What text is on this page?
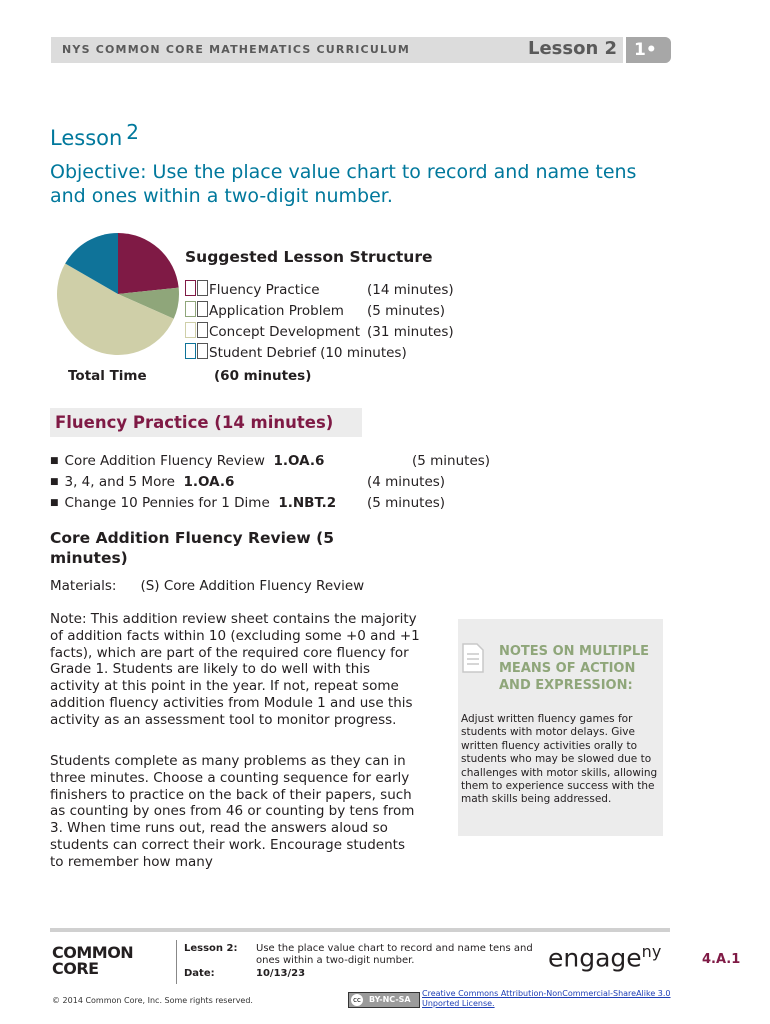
NYS COMMON CORE MATHEMATICS CURRICULUM	Lesson 2 1•
Lesson 2
Objective: Use the place value chart to record and name tens and ones within a two-digit number.
Suggested Lesson Structure
Fluency Practice	(14 minutes)
Application Problem (5 minutes)
Concept Development (31 minutes)
Student Debrief (10 minutes)
Total Time	(60 minutes)
Fluency Practice (14 minutes)
■ Core Addition Fluency Review 1.OA.6	(5 minutes)
■ 3, 4, and 5 More 1.OA.6	(4 minutes)
■ Change 10 Pennies for 1 Dime 1.NBT.2 (5 minutes)
Core Addition Fluency Review (5 minutes)
Materials: (S) Core Addition Fluency Review
Note: This addition review sheet contains the majority of addition facts within 10 (excluding some +0 and +1 facts), which are part of the required core fluency for Grade 1. Students are likely to do well with this activity at this point in the year. If not, repeat some addition fluency activities from Module 1 and use this activity as an assessment tool to monitor progress.
Students complete as many problems as they can in three minutes. Choose a counting sequence for early finishers to practice on the back of their papers, such as counting by ones from 46 or counting by tens from 3. When time runs out, read the answers aloud so students can correct their work. Encourage students to remember how many
NOTES ON MULTIPLE MEANS OF ACTION AND EXPRESSION:
Adjust written fluency games for students with motor delays. Give written fluency activities orally to students who may be slowed due to challenges with motor skills, allowing them to experience success with the math skills being addressed.
COMMON
CORE
Lesson 2: Use the place value chart to record and name tens and ones within a two-digit number.
Date:	10/13/23
engage$^{ny}$	4.A.1
© 2014 Common Core, Inc. Some rights reserved.	cc BY-NC-SA
Creative Commons Attribution-NonCommercial-ShareAlike 3.0 Unported License.
